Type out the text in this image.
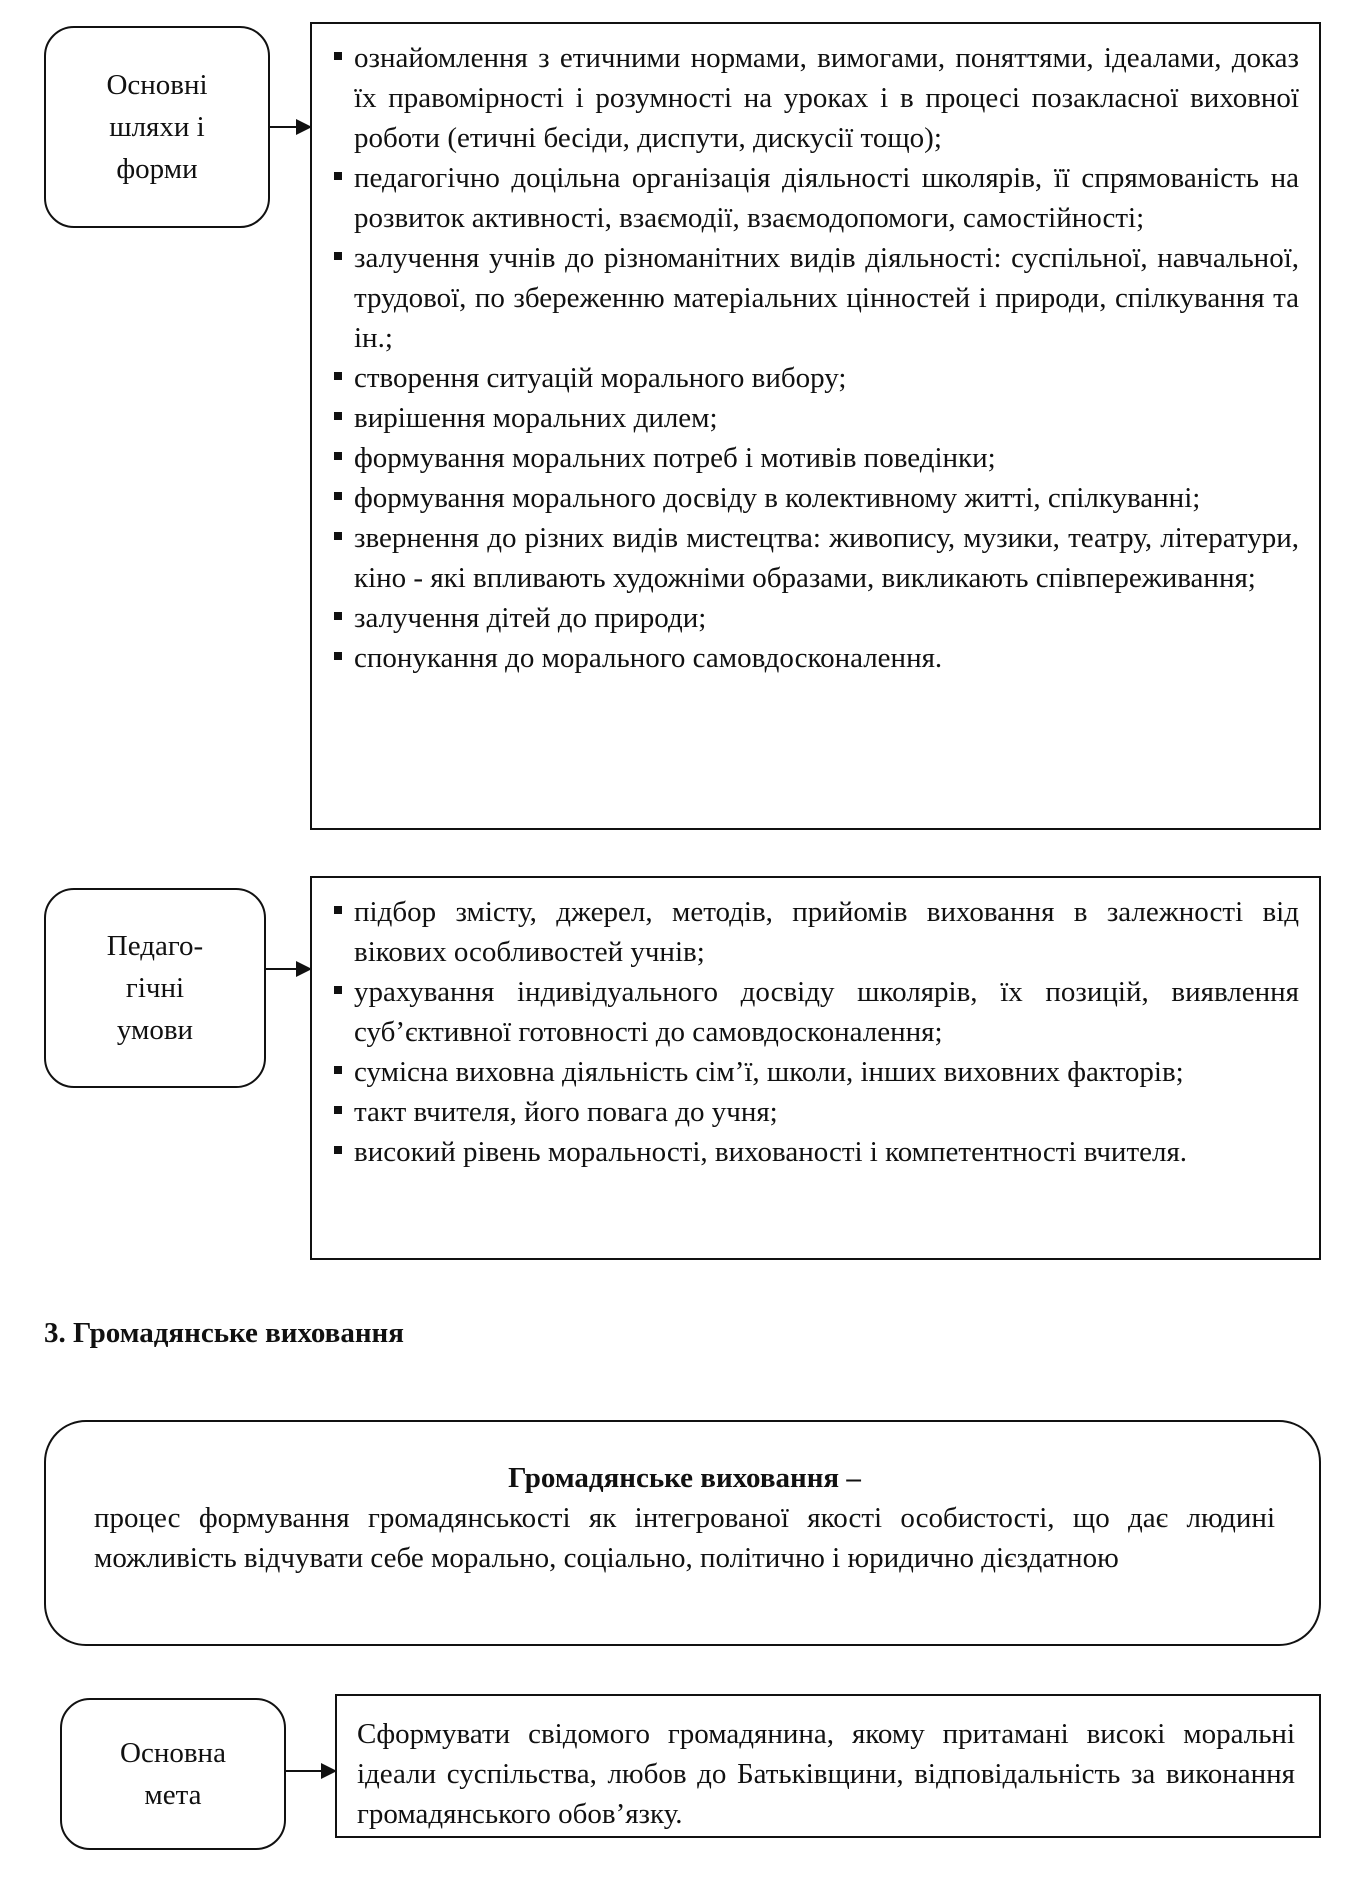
Основні
шляхи і
форми
ознайомлення з етичними нормами, вимогами, поняттями, ідеалами, доказ їх правомірності і розумності на уроках і в процесі позакласної виховної роботи (етичні бесіди, диспути, дискусії тощо);
педагогічно доцільна організація діяльності школярів, її спрямованість на розвиток активності, взаємодії, взаємодопомоги, самостійності;
залучення учнів до різноманітних видів діяльності: суспільної, навчальної, трудової, по збереженню матеріальних цінностей і природи, спілкування та ін.;
створення ситуацій морального вибору;
вирішення моральних дилем;
формування моральних потреб і мотивів поведінки;
формування морального досвіду в колективному житті, спілкуванні;
звернення до різних видів мистецтва: живопису, музики, театру, літератури, кіно - які впливають художніми образами, викликають співпереживання;
залучення дітей до природи;
спонукання до морального самовдосконалення.
Педаго-
гічні
умови
підбор змісту, джерел, методів, прийомів виховання в залежності від вікових особливостей учнів;
урахування індивідуального досвіду школярів, їх позицій, виявлення суб’єктивної готовності до самовдосконалення;
сумісна виховна діяльність сім’ї, школи, інших виховних факторів;
такт вчителя, його повага до учня;
високий рівень моральності, вихованості і компетентності вчителя.
3. Громадянське виховання
Громадянське виховання –
процес формування громадянськості як інтегрованої якості особистості, що дає людині можливість відчувати себе морально, соціально, політично і юридично дієздатною
Основна
мета
Сформувати свідомого громадянина, якому притамані високі моральні ідеали суспільства, любов до Батьківщини, відповідальність за виконання громадянського обов’язку.
